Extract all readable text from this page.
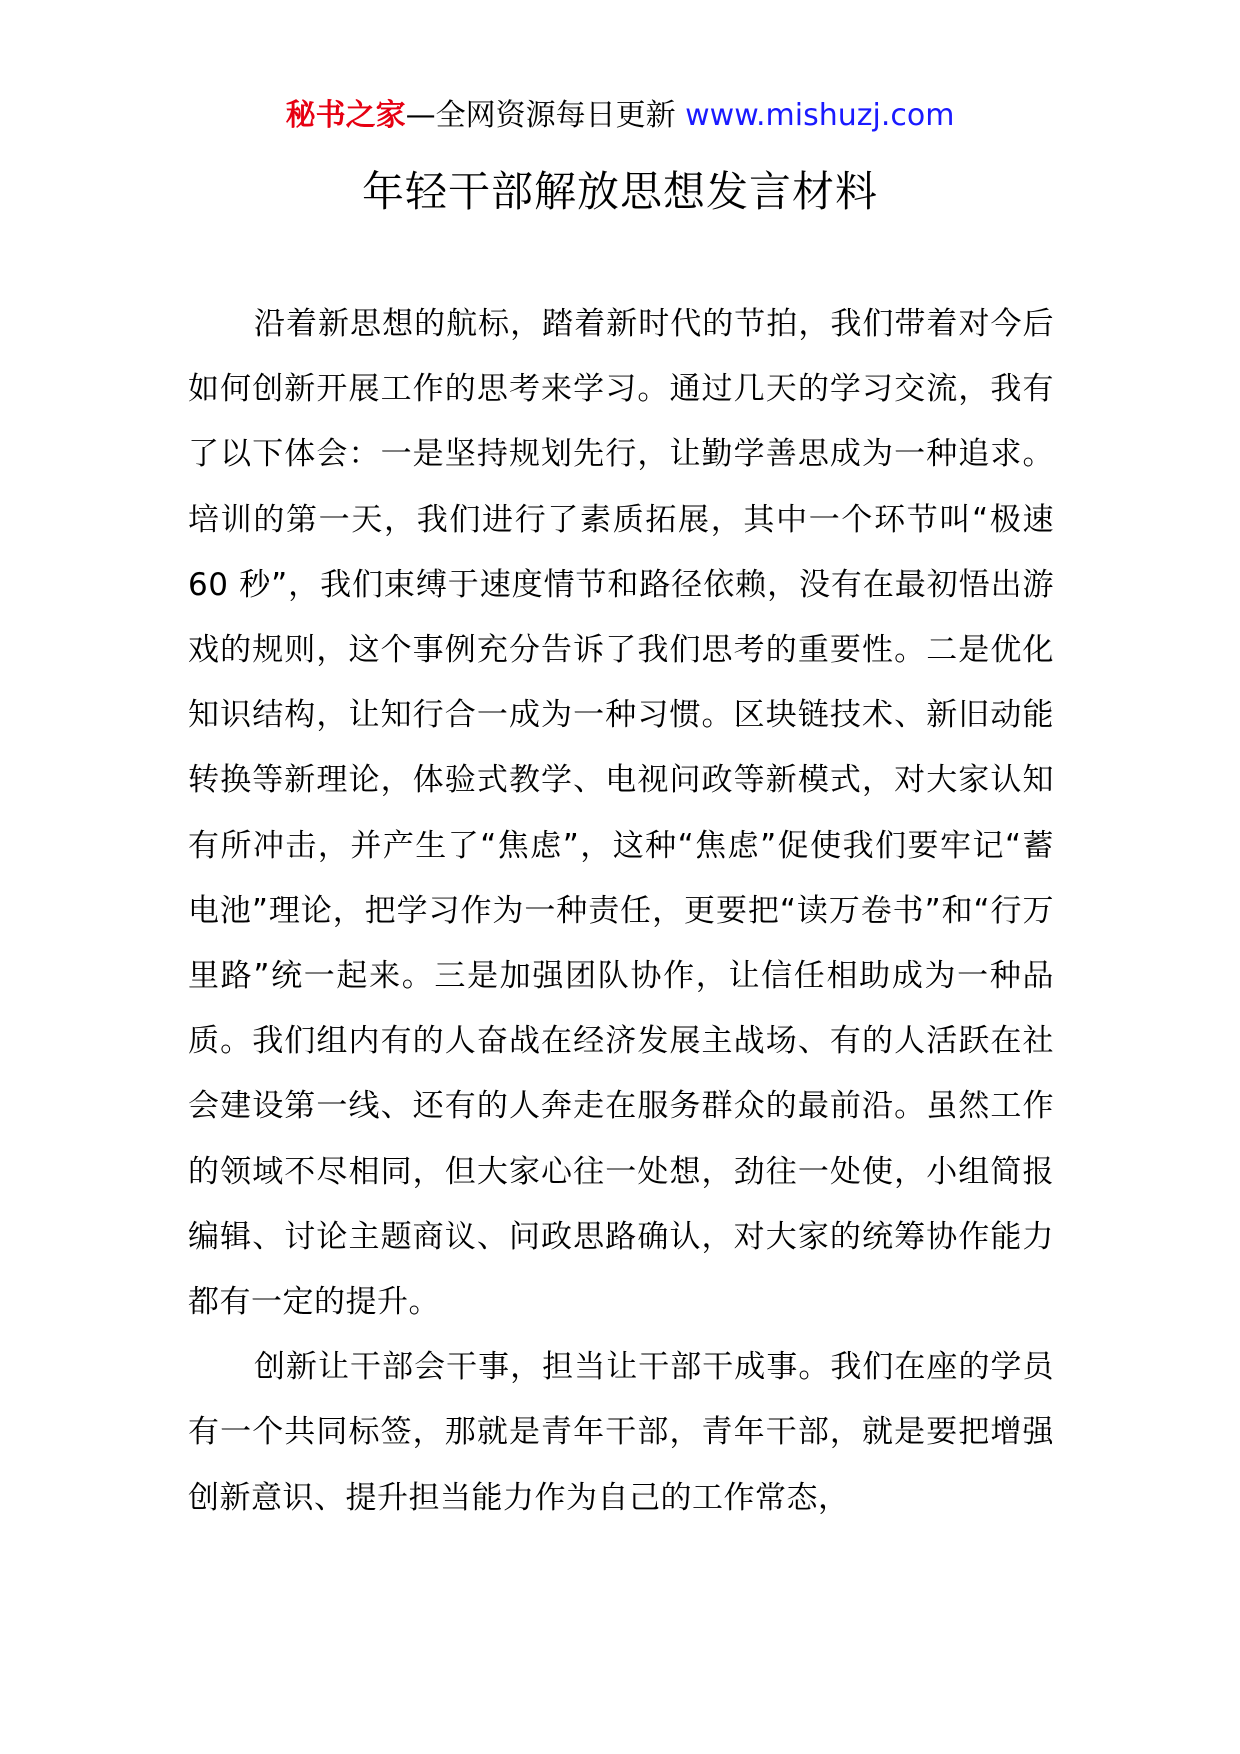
秘书之家—全网资源每日更新 www.mishuzj.com
年轻干部解放思想发言材料

沿着新思想的航标，踏着新时代的节拍，我们带着对今后如何创新开展工作的思考来学习。通过几天的学习交流，我有了以下体会：一是坚持规划先行，让勤学善思成为一种追求。培训的第一天，我们进行了素质拓展，其中一个环节叫“极速 60 秒”，我们束缚于速度情节和路径依赖，没有在最初悟出游戏的规则，这个事例充分告诉了我们思考的重要性。二是优化知识结构，让知行合一成为一种习惯。区块链技术、新旧动能转换等新理论，体验式教学、电视问政等新模式，对大家认知有所冲击，并产生了“焦虑”，这种“焦虑”促使我们要牢记“蓄电池”理论，把学习作为一种责任，更要把“读万卷书”和“行万里路”统一起来。三是加强团队协作，让信任相助成为一种品质。我们组内有的人奋战在经济发展主战场、有的人活跃在社会建设第一线、还有的人奔走在服务群众的最前沿。虽然工作的领域不尽相同，但大家心往一处想，劲往一处使，小组简报编辑、讨论主题商议、问政思路确认，对大家的统筹协作能力都有一定的提升。

创新让干部会干事，担当让干部干成事。我们在座的学员有一个共同标签，那就是青年干部，青年干部，就是要把增强创新意识、提升担当能力作为自己的工作常态，
